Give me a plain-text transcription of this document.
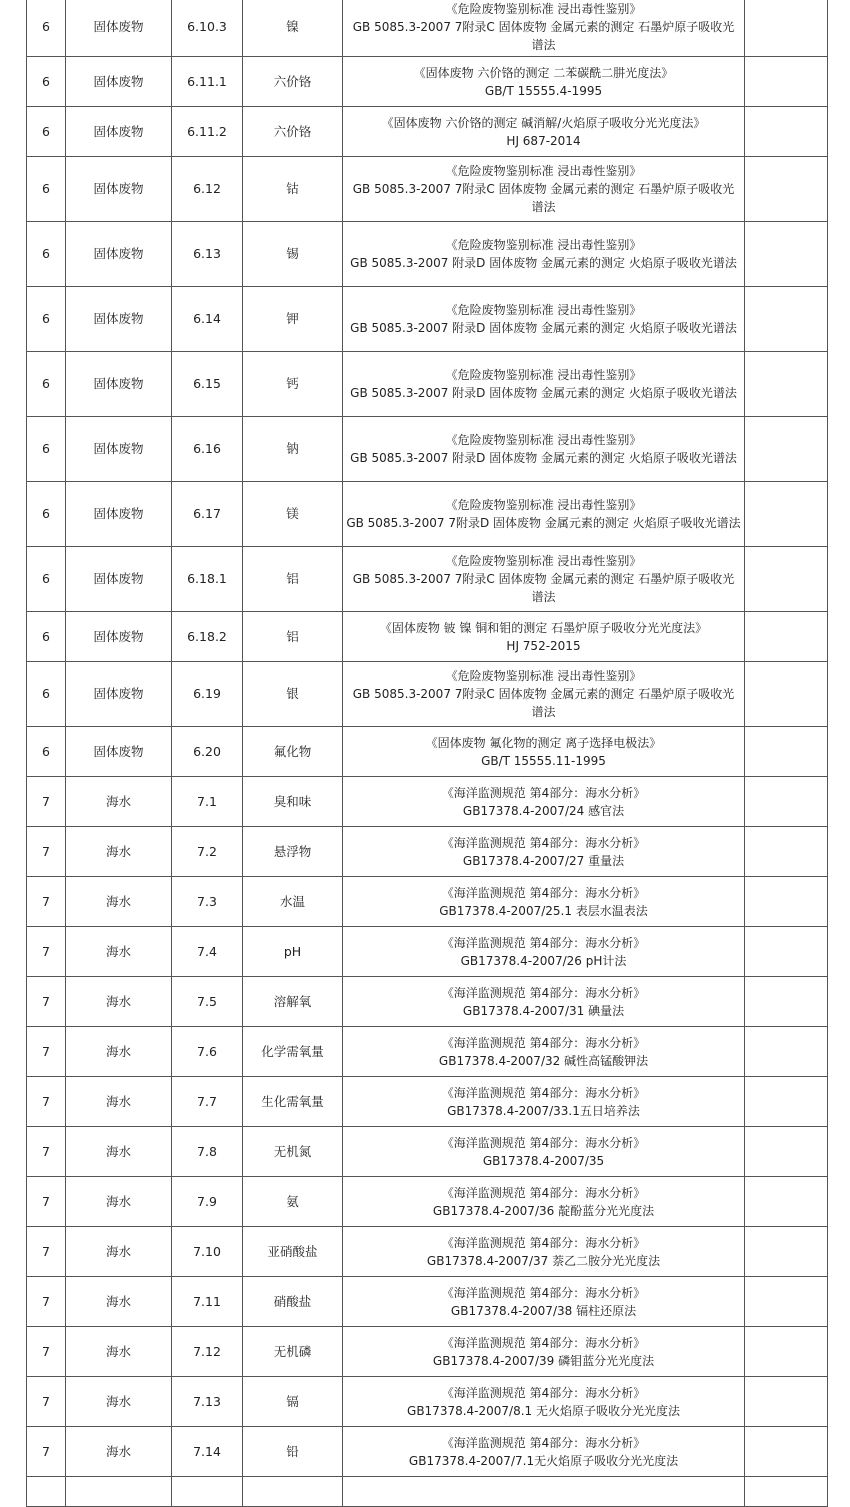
6	固体废物	6.10.3	镍	《危险废物鉴别标准 浸出毒性鉴别》
GB 5085.3-2007 7附录C 固体废物 金属元素的测定 石墨炉原子吸收光
谱法	

6	固体废物	6.11.1	六价铬	《固体废物 六价铬的测定 二苯碳酰二肼光度法》
GB/T 15555.4-1995	

6	固体废物	6.11.2	六价铬	《固体废物 六价铬的测定 碱消解/火焰原子吸收分光光度法》
HJ 687-2014	

6	固体废物	6.12	钴	《危险废物鉴别标准 浸出毒性鉴别》
GB 5085.3-2007 7附录C 固体废物 金属元素的测定 石墨炉原子吸收光
谱法	

6	固体废物	6.13	锡	《危险废物鉴别标准 浸出毒性鉴别》
GB 5085.3-2007 附录D 固体废物 金属元素的测定 火焰原子吸收光谱法	

6	固体废物	6.14	钾	《危险废物鉴别标准 浸出毒性鉴别》
GB 5085.3-2007 附录D 固体废物 金属元素的测定 火焰原子吸收光谱法	

6	固体废物	6.15	钙	《危险废物鉴别标准 浸出毒性鉴别》
GB 5085.3-2007 附录D 固体废物 金属元素的测定 火焰原子吸收光谱法	

6	固体废物	6.16	钠	《危险废物鉴别标准 浸出毒性鉴别》
GB 5085.3-2007 附录D 固体废物 金属元素的测定 火焰原子吸收光谱法	

6	固体废物	6.17	镁	《危险废物鉴别标准 浸出毒性鉴别》
GB 5085.3-2007 7附录D 固体废物 金属元素的测定 火焰原子吸收光谱法	

6	固体废物	6.18.1	铝	《危险废物鉴别标准 浸出毒性鉴别》
GB 5085.3-2007 7附录C 固体废物 金属元素的测定 石墨炉原子吸收光
谱法	

6	固体废物	6.18.2	铝	《固体废物 铍 镍 铜和钼的测定 石墨炉原子吸收分光光度法》
HJ 752-2015	

6	固体废物	6.19	银	《危险废物鉴别标准 浸出毒性鉴别》
GB 5085.3-2007 7附录C 固体废物 金属元素的测定 石墨炉原子吸收光
谱法	

6	固体废物	6.20	氟化物	《固体废物 氟化物的测定 离子选择电极法》
GB/T 15555.11-1995	

7	海水	7.1	臭和味	《海洋监测规范 第4部分：海水分析》
GB17378.4-2007/24 感官法	

7	海水	7.2	悬浮物	《海洋监测规范 第4部分：海水分析》
GB17378.4-2007/27 重量法	

7	海水	7.3	水温	《海洋监测规范 第4部分：海水分析》
GB17378.4-2007/25.1 表层水温表法	

7	海水	7.4	pH	《海洋监测规范 第4部分：海水分析》
GB17378.4-2007/26 pH计法	

7	海水	7.5	溶解氧	《海洋监测规范 第4部分：海水分析》
GB17378.4-2007/31 碘量法	

7	海水	7.6	化学需氧量	《海洋监测规范 第4部分：海水分析》
GB17378.4-2007/32 碱性高锰酸钾法	

7	海水	7.7	生化需氧量	《海洋监测规范 第4部分：海水分析》
GB17378.4-2007/33.1五日培养法	

7	海水	7.8	无机氮	《海洋监测规范 第4部分：海水分析》
GB17378.4-2007/35	

7	海水	7.9	氨	《海洋监测规范 第4部分：海水分析》
GB17378.4-2007/36 靛酚蓝分光光度法	

7	海水	7.10	亚硝酸盐	《海洋监测规范 第4部分：海水分析》
GB17378.4-2007/37 萘乙二胺分光光度法	

7	海水	7.11	硝酸盐	《海洋监测规范 第4部分：海水分析》
GB17378.4-2007/38 镉柱还原法	

7	海水	7.12	无机磷	《海洋监测规范 第4部分：海水分析》
GB17378.4-2007/39 磷钼蓝分光光度法	

7	海水	7.13	镉	《海洋监测规范 第4部分：海水分析》
GB17378.4-2007/8.1 无火焰原子吸收分光光度法	

7	海水	7.14	铅	《海洋监测规范 第4部分：海水分析》
GB17378.4-2007/7.1无火焰原子吸收分光光度法	
